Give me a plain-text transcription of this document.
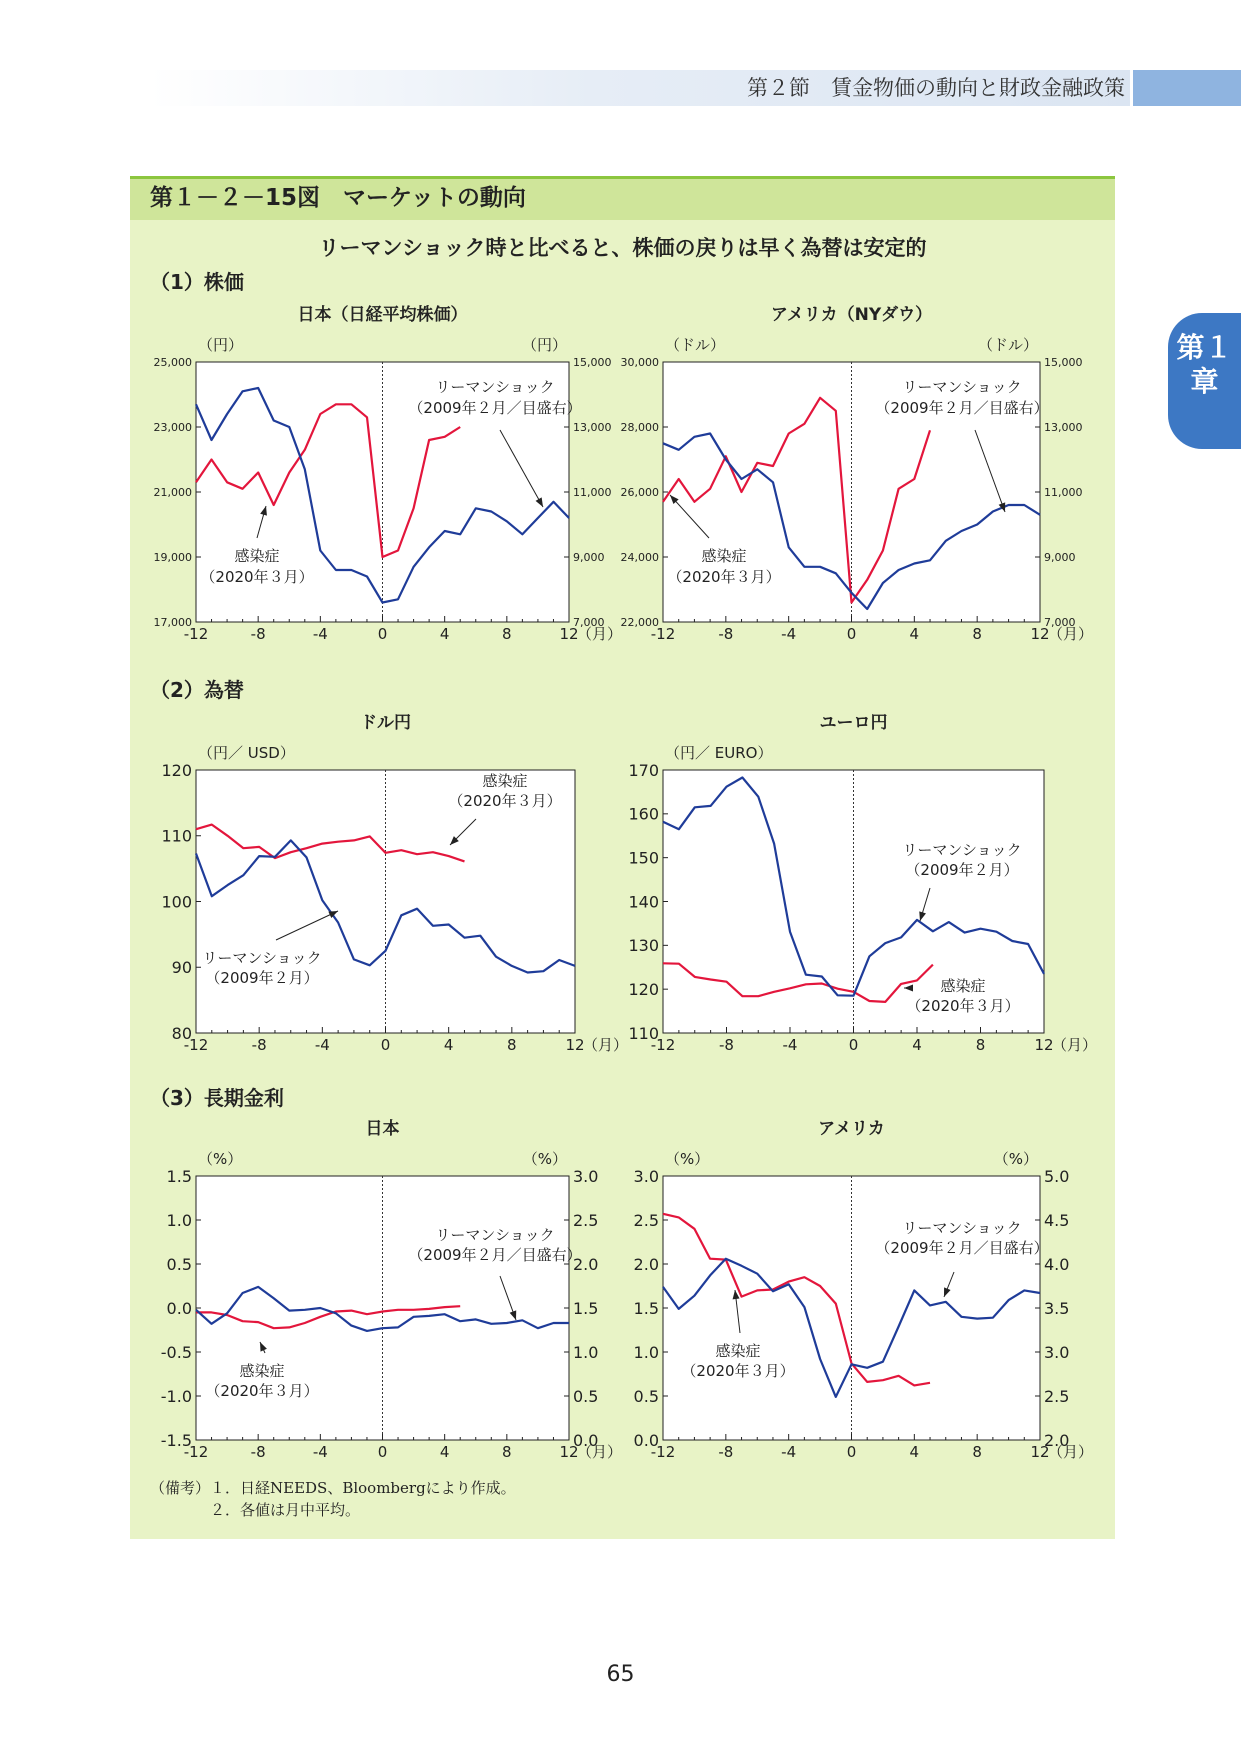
第２節　賃金物価の動向と財政金融政策
第１章
第１－２－15図　マーケットの動向
リーマンショック時と比べると、株価の戻りは早く為替は安定的
（1）株価
（2）為替
（3）長期金利
日本（日経平均株価）
（円）	（円）
17,000
19,000
21,000
23,000
25,000
7,000
9,000
11,000
13,000
15,000
-12	-8	-4	0	4	8	12
（月）
リーマンショック
（2009年２月／目盛右）
感染症
（2020年３月）
アメリカ（NYダウ）
（ドル）	（ドル）
22,000
24,000
26,000
28,000
30,000
7,000
9,000
11,000
13,000
15,000
-12	-8	-4	0	4	8	12
（月）
リーマンショック
（2009年２月／目盛右）
感染症
（2020年３月）
ドル円
（円／ USD）
80
90
100
110
120
-12	-8	-4	0	4	8	12
（月）
感染症
（2020年３月）
リーマンショック
（2009年２月）
ユーロ円
（円／ EURO）
110
120
130
140
150
160
170
-12	-8	-4	0	4	8	12
（月）
リーマンショック
（2009年２月）
感染症
（2020年３月）
日本
（%）	（%）
-1.5
-1.0
-0.5
0.0
0.5
1.0
1.5
0.0
0.5
1.0
1.5
2.0
2.5
3.0
-12	-8	-4	0	4	8	12
（月）
リーマンショック
（2009年２月／目盛右）
感染症
（2020年３月）
アメリカ
（%）	（%）
0.0
0.5
1.0
1.5
2.0
2.5
3.0
2.0
2.5
3.0
3.5
4.0
4.5
5.0
-12	-8	-4	0	4	8	12
（月）
リーマンショック
（2009年２月／目盛右）
感染症
（2020年３月）
（備考）１．日経NEEDS、Bloombergにより作成。
　　　　２．各値は月中平均。
65
